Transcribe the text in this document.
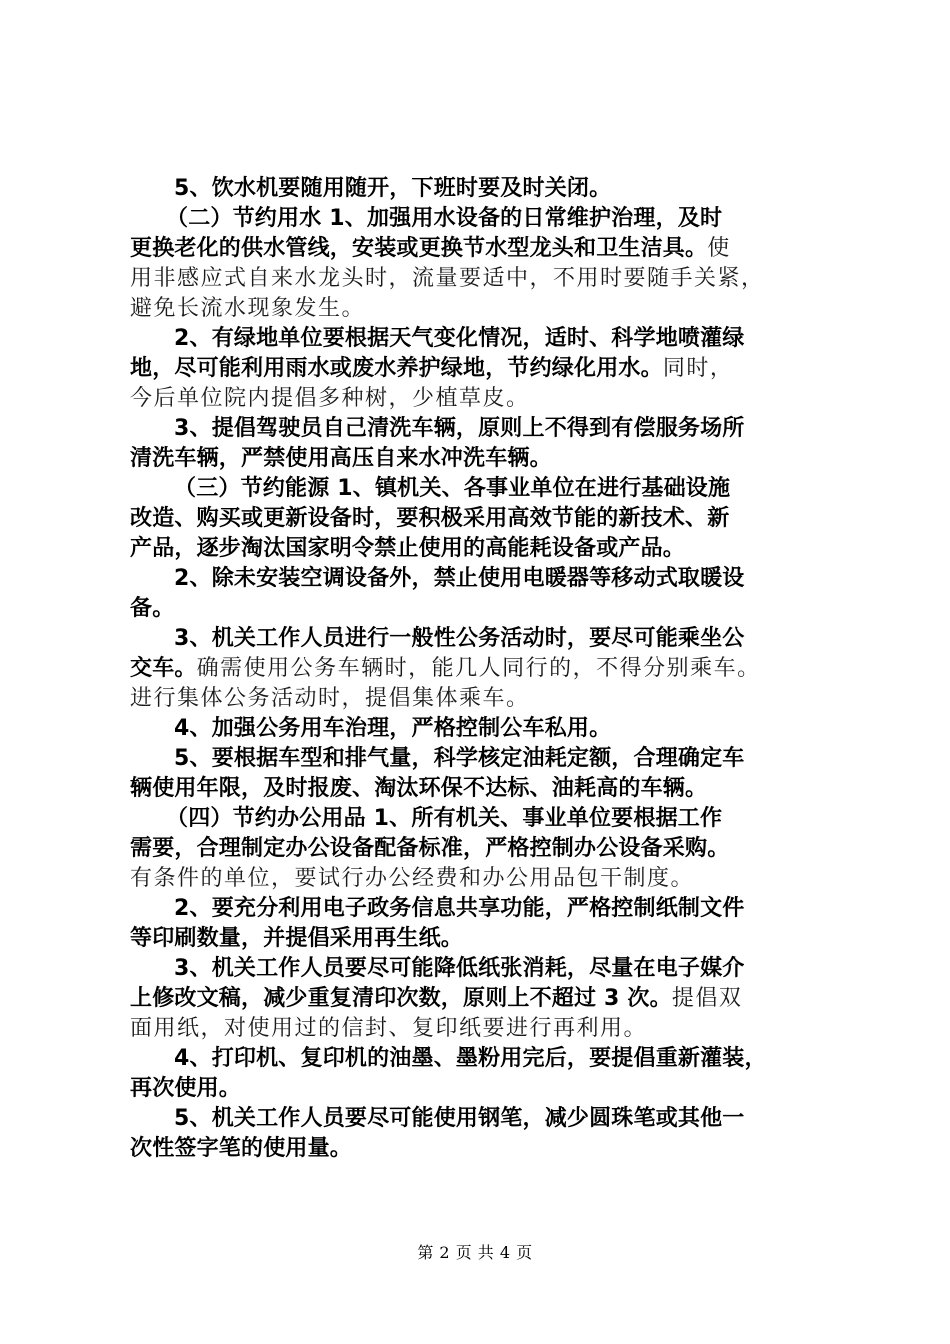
5、饮水机要随用随开，下班时要及时关闭。
（二）节约用水 1、加强用水设备的日常维护治理，及时
更换老化的供水管线，安装或更换节水型龙头和卫生洁具。使
用非感应式自来水龙头时，流量要适中，不用时要随手关紧，
避免长流水现象发生。
2、有绿地单位要根据天气变化情况，适时、科学地喷灌绿
地，尽可能利用雨水或废水养护绿地，节约绿化用水。同时，
今后单位院内提倡多种树，少植草皮。
3、提倡驾驶员自己清洗车辆，原则上不得到有偿服务场所
清洗车辆，严禁使用高压自来水冲洗车辆。
（三）节约能源 1、镇机关、各事业单位在进行基础设施
改造、购买或更新设备时，要积极采用高效节能的新技术、新
产品，逐步淘汰国家明令禁止使用的高能耗设备或产品。
2、除未安装空调设备外，禁止使用电暖器等移动式取暖设
备。
3、机关工作人员进行一般性公务活动时，要尽可能乘坐公
交车。确需使用公务车辆时，能几人同行的，不得分别乘车。
进行集体公务活动时，提倡集体乘车。
4、加强公务用车治理，严格控制公车私用。
5、要根据车型和排气量，科学核定油耗定额，合理确定车
辆使用年限，及时报废、淘汰环保不达标、油耗高的车辆。
（四）节约办公用品 1、所有机关、事业单位要根据工作
需要，合理制定办公设备配备标准，严格控制办公设备采购。
有条件的单位，要试行办公经费和办公用品包干制度。
2、要充分利用电子政务信息共享功能，严格控制纸制文件
等印刷数量，并提倡采用再生纸。
3、机关工作人员要尽可能降低纸张消耗，尽量在电子媒介
上修改文稿，减少重复清印次数，原则上不超过 3 次。提倡双
面用纸，对使用过的信封、复印纸要进行再利用。
4、打印机、复印机的油墨、墨粉用完后，要提倡重新灌装，
再次使用。
5、机关工作人员要尽可能使用钢笔，减少圆珠笔或其他一
次性签字笔的使用量。
第 2 页 共 4 页
